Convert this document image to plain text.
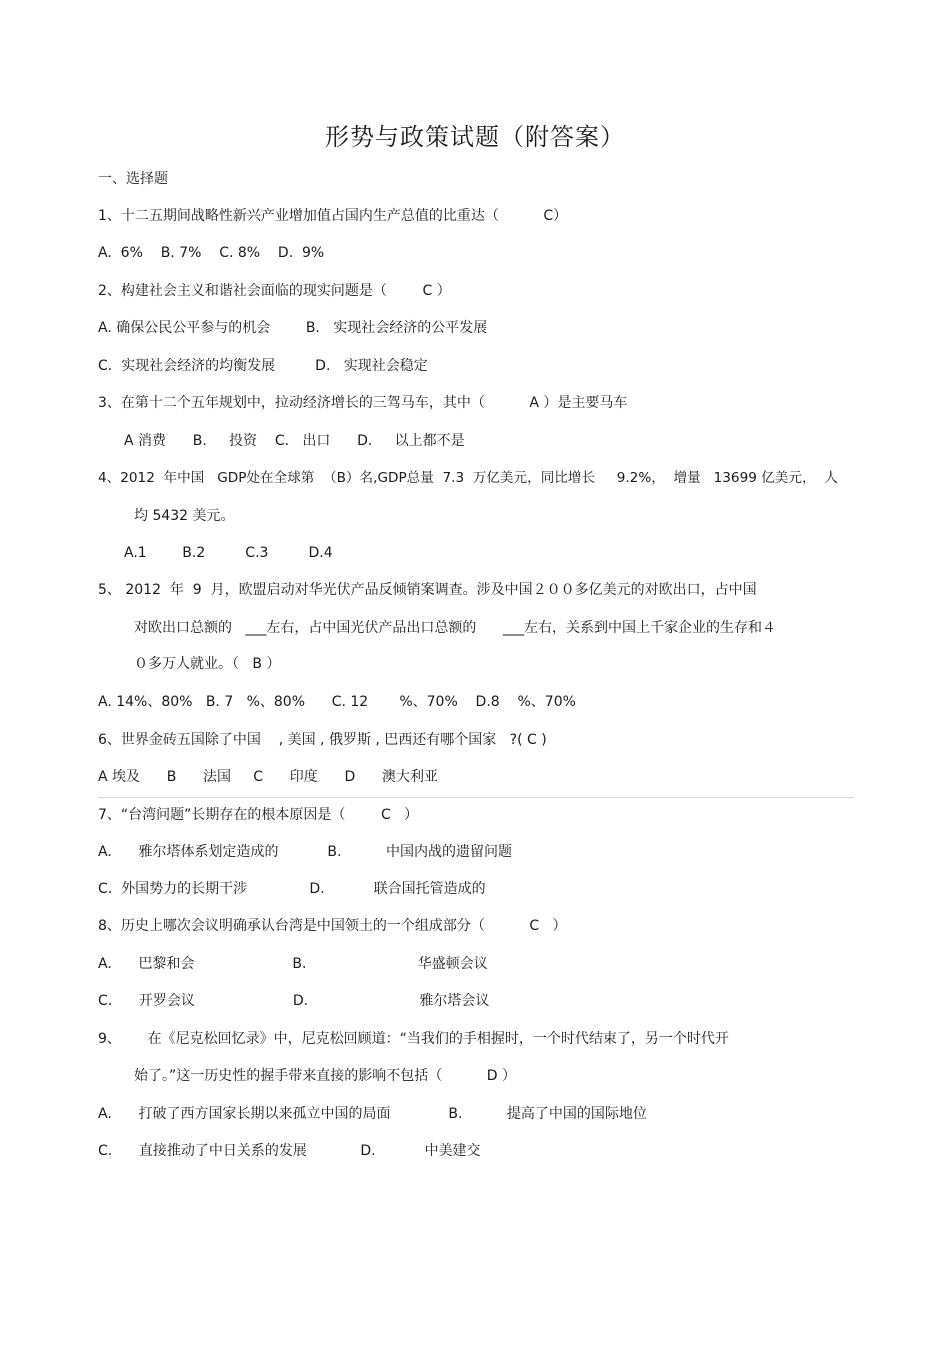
形势与政策试题（附答案）
一、选择题
1、十二五期间战略性新兴产业增加值占国内生产总值的比重达（          C）
A.  6%    B. 7%    C. 8%    D.  9%
2、构建社会主义和谐社会面临的现实问题是（        C ）
A. 确保公民公平参与的机会        B.   实现社会经济的公平发展
C.  实现社会经济的均衡发展         D.   实现社会稳定
3、在第十二个五年规划中，拉动经济增长的三驾马车，其中（          A ）是主要马车
A 消费      B.     投资    C.   出口      D.     以上都不是
4、2012  年中国   GDP处在全球第  （B）名,GDP总量  7.3  万亿美元，同比增长     9.2%，  增量   13699 亿美元，  人
均 5432 美元。
A.1        B.2         C.3         D.4
5、 2012  年  9  月，欧盟启动对华光伏产品反倾销案调查。涉及中国２００多亿美元的对欧出口，占中国
对欧出口总额的   ___左右，占中国光伏产品出口总额的      ___左右，关系到中国上千家企业的生存和４
０多万人就业。（   B ）
A. 14%、80%   B. 7   %、80%      C. 12       %、70%    D.8    %、70%
6、世界金砖五国除了中国    , 美国 , 俄罗斯 , 巴西还有哪个国家   ?( C )
A 埃及      B      法国     C      印度      D      澳大利亚
7、“台湾问题”长期存在的根本原因是（        C   ）
A.      雅尔塔体系划定造成的           B.          中国内战的遗留问题
C.  外国势力的长期干涉              D.           联合国托管造成的
8、历史上哪次会议明确承认台湾是中国领土的一个组成部分（          C   ）
A.      巴黎和会                      B.                         华盛顿会议
C.      开罗会议                      D.                         雅尔塔会议
9、      在《尼克松回忆录》中，尼克松回顾道：“当我们的手相握时，一个时代结束了，另一个时代开
始了。”这一历史性的握手带来直接的影响不包括（          D ）
A.      打破了西方国家长期以来孤立中国的局面             B.          提高了中国的国际地位
C.      直接推动了中日关系的发展            D.           中美建交
